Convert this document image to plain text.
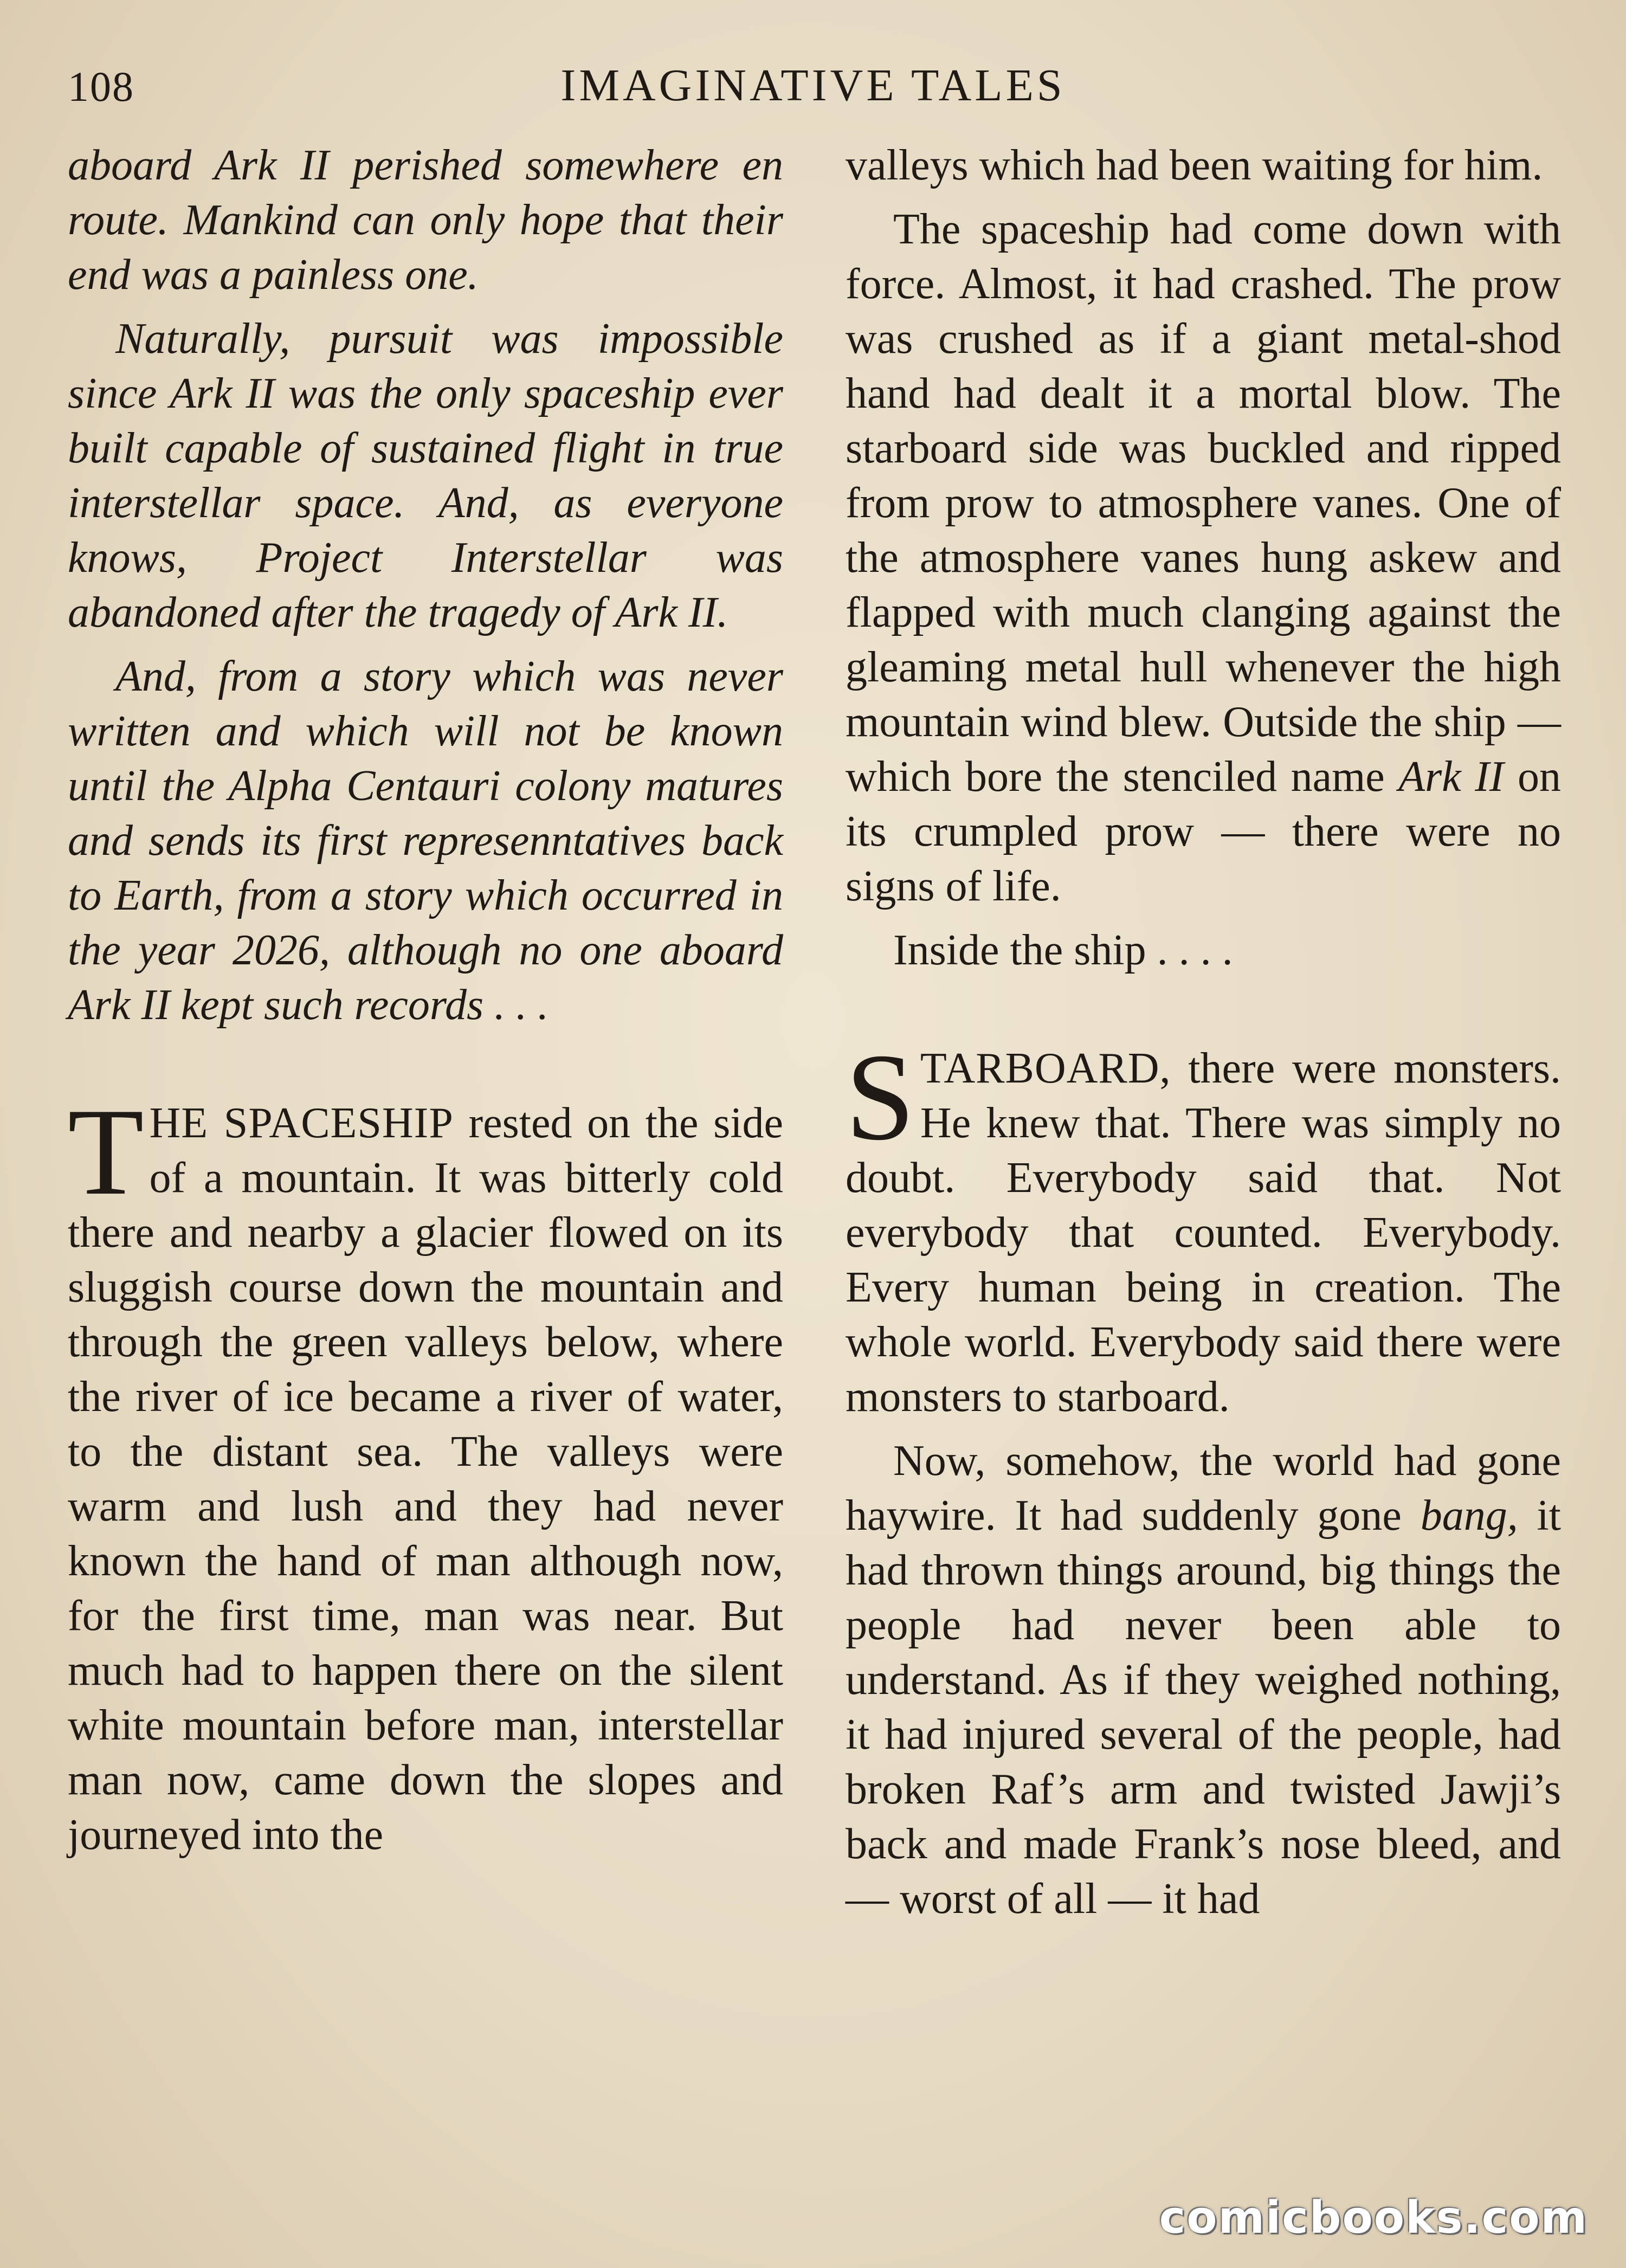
108	IMAGINATIVE TALES

aboard Ark II perished somewhere en route. Mankind can only hope that their end was a painless one.

Naturally, pursuit was impossible since Ark II was the only spaceship ever built capable of sustained flight in true interstellar space. And, as everyone knows, Project Interstellar was abandoned after the tragedy of Ark II.

And, from a story which was never written and which will not be known until the Alpha Centauri colony matures and sends its first represenntatives back to Earth, from a story which occurred in the year 2026, although no one aboard Ark II kept such records . . .

THE SPACESHIP rested on the side of a mountain. It was bitterly cold there and nearby a glacier flowed on its sluggish course down the mountain and through the green valleys below, where the river of ice became a river of water, to the distant sea. The valleys were warm and lush and they had never known the hand of man although now, for the first time, man was near. But much had to happen there on the silent white mountain before man, interstellar man now, came down the slopes and journeyed into the

valleys which had been waiting for him.

The spaceship had come down with force. Almost, it had crashed. The prow was crushed as if a giant metal-shod hand had dealt it a mortal blow. The starboard side was buckled and ripped from prow to atmosphere vanes. One of the atmosphere vanes hung askew and flapped with much clanging against the gleaming metal hull whenever the high mountain wind blew. Outside the ship — which bore the stenciled name Ark II on its crumpled prow — there were no signs of life.

Inside the ship . . . .

STARBOARD, there were monsters. He knew that. There was simply no doubt. Everybody said that. Not everybody that counted. Everybody. Every human being in creation. The whole world. Everybody said there were monsters to starboard.

Now, somehow, the world had gone haywire. It had suddenly gone bang, it had thrown things around, big things the people had never been able to understand. As if they weighed nothing, it had injured several of the people, had broken Raf’s arm and twisted Jawji’s back and made Frank’s nose bleed, and — worst of all — it had

comicbooks.com
